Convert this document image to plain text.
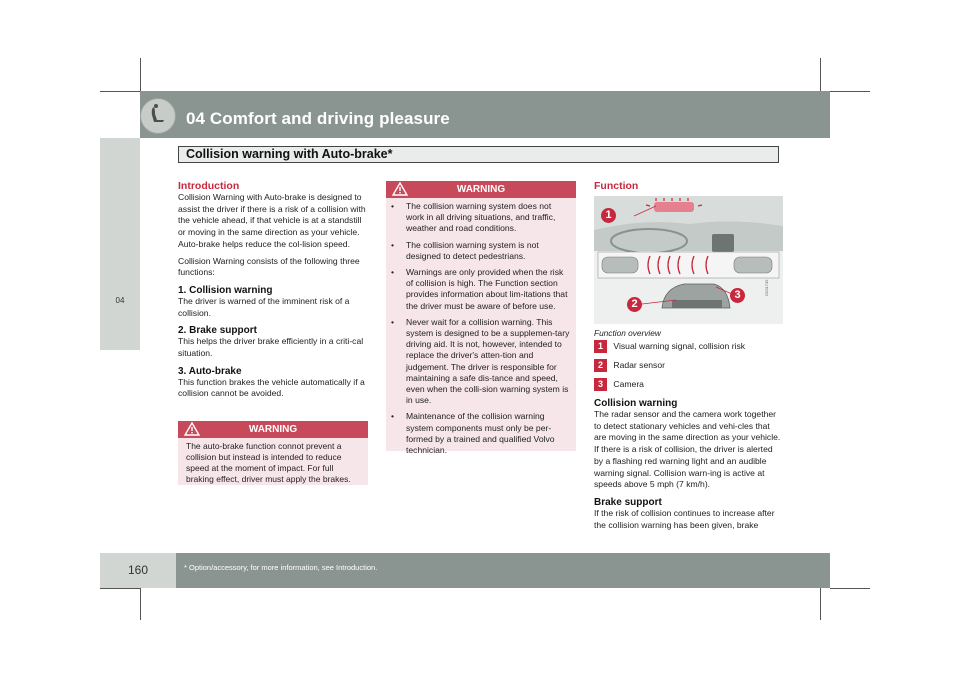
04 Comfort and driving pleasure
04
Collision warning with Auto-brake*
Introduction
Collision Warning with Auto-brake is designed to assist the driver if there is a risk of a collision with the vehicle ahead, if that vehicle is at a standstill or moving in the same direction as your vehicle. Auto-brake helps reduce the col-lision speed.
Collision Warning consists of the following three functions:
1. Collision warning
The driver is warned of the imminent risk of a collision.
2. Brake support
This helps the driver brake efficiently in a criti-cal situation.
3. Auto-brake
This function brakes the vehicle automatically if a collision cannot be avoided.
WARNING
The auto-brake function connot prevent a collision but instead is intended to reduce speed at the moment of impact. For full braking effect, driver must apply the brakes.
WARNING
• The collision warning system does not work in all driving situations, and traffic, weather and road conditions.
• The collision warning system is not designed to detect pedestrians.
• Warnings are only provided when the risk of collision is high. The Function section provides information about lim-itations that the driver must be aware of before use.
• Never wait for a collision warning. This system is designed to be a supplemen-tary driving aid. It is not, however, intended to replace the driver's atten-tion and judgement. The driver is responsible for maintaining a safe dis-tance and speed, even when the colli-sion warning system is in use.
• Maintenance of the collision warning system components must only be per-formed by a trained and qualified Volvo technician.
Function
1
2
3	G031745
Function overview
1 Visual warning signal, collision risk
2 Radar sensor
3 Camera
Collision warning
The radar sensor and the camera work together to detect stationary vehicles and vehi-cles that are moving in the same direction as your vehicle. If there is a risk of collision, the driver is alerted by a flashing red warning light and an audible warning signal. Collision warn-ing is active at speeds above 5 mph (7 km/h).
Brake support
If the risk of collision continues to increase after the collision warning has been given, brake
160	* Option/accessory, for more information, see Introduction.
